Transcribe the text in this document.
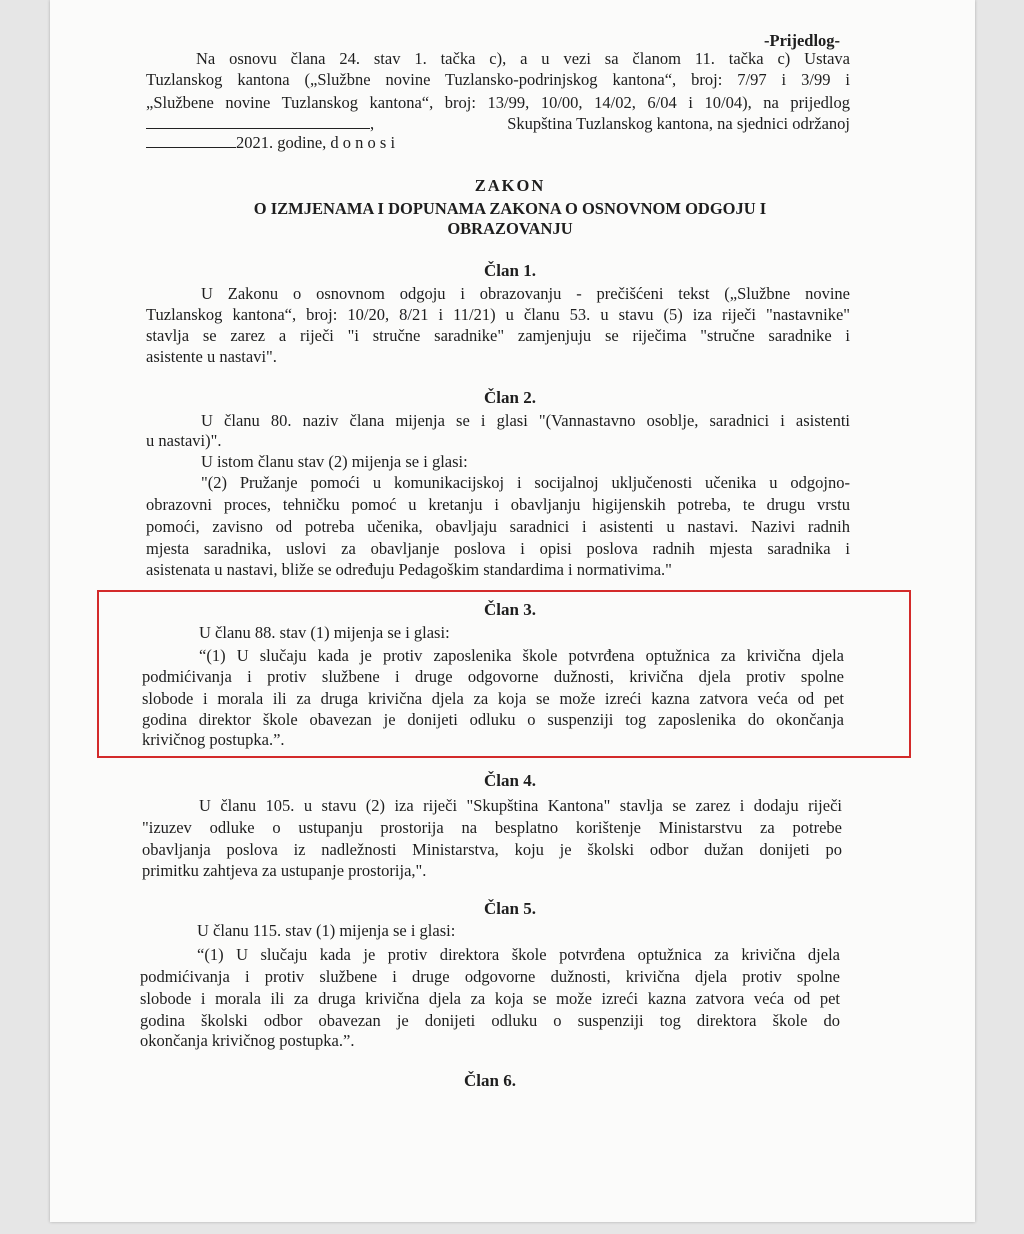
-Prijedlog-
Na osnovu člana 24. stav 1. tačka c), a u vezi sa članom 11. tačka c) Ustava
Tuzlanskog kantona („Službne novine Tuzlansko-podrinjskog kantona“, broj: 7/97 i 3/99 i
„Službene novine Tuzlanskog kantona“, broj: 13/99, 10/00, 14/02, 6/04 i 10/04), na prijedlog
,	Skupština Tuzlanskog kantona, na sjednici održanoj
2021. godine, d o n o s i
ZAKON
O IZMJENAMA I DOPUNAMA ZAKONA O OSNOVNOM ODGOJU I
OBRAZOVANJU
Član 1.
U Zakonu o osnovnom odgoju i obrazovanju - prečišćeni tekst („Službne novine
Tuzlanskog kantona“, broj: 10/20, 8/21 i 11/21) u članu 53. u stavu (5) iza riječi "nastavnike"
stavlja se zarez a riječi "i stručne saradnike" zamjenjuju se riječima "stručne saradnike i
asistente u nastavi".
Član 2.
U članu 80. naziv člana mijenja se i glasi "(Vannastavno osoblje, saradnici i asistenti
u nastavi)".
U istom članu stav (2) mijenja se i glasi:
"(2) Pružanje pomoći u komunikacijskoj i socijalnoj uključenosti učenika u odgojno-
obrazovni proces, tehničku pomoć u kretanju i obavljanju higijenskih potreba, te drugu vrstu
pomoći, zavisno od potreba učenika, obavljaju saradnici i asistenti u nastavi. Nazivi radnih
mjesta saradnika, uslovi za obavljanje poslova i opisi poslova radnih mjesta saradnika i
asistenata u nastavi, bliže se određuju Pedagoškim standardima i normativima."
Član 3.
U članu 88. stav (1) mijenja se i glasi:
“(1) U slučaju kada je protiv zaposlenika škole potvrđena optužnica za krivična djela
podmićivanja i protiv službene i druge odgovorne dužnosti, krivična djela protiv spolne
slobode i morala ili za druga krivična djela za koja se može izreći kazna zatvora veća od pet
godina direktor škole obavezan je donijeti odluku o suspenziji tog zaposlenika do okončanja
krivičnog postupka.”.
Član 4.
U članu 105. u stavu (2) iza riječi "Skupština Kantona" stavlja se zarez i dodaju riječi
"izuzev odluke o ustupanju prostorija na besplatno korištenje Ministarstvu za potrebe
obavljanja poslova iz nadležnosti Ministarstva, koju je školski odbor dužan donijeti po
primitku zahtjeva za ustupanje prostorija,".
Član 5.
U članu 115. stav (1) mijenja se i glasi:
“(1) U slučaju kada je protiv direktora škole potvrđena optužnica za krivična djela
podmićivanja i protiv službene i druge odgovorne dužnosti, krivična djela protiv spolne
slobode i morala ili za druga krivična djela za koja se može izreći kazna zatvora veća od pet
godina školski odbor obavezan je donijeti odluku o suspenziji tog direktora škole do
okončanja krivičnog postupka.”.
Član 6.
